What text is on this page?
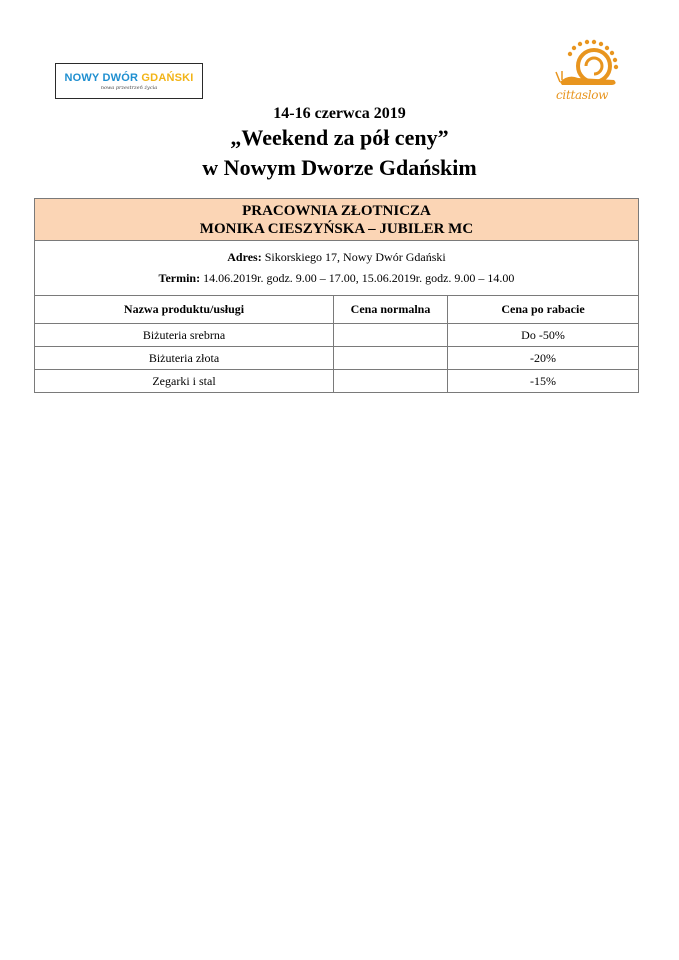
NOWY DWÓR GDAŃSKI
nowa przestrzeń życia	cittaslow
14-16 czerwca 2019
„Weekend za pół ceny”
w Nowym Dworze Gdańskim
PRACOWNIA ZŁOTNICZA
MONIKA CIESZYŃSKA – JUBILER MC
Adres: Sikorskiego 17, Nowy Dwór Gdański
Termin: 14.06.2019r. godz. 9.00 – 17.00, 15.06.2019r. godz. 9.00 – 14.00
Nazwa produktu/usługi	Cena normalna	Cena po rabacie
Biżuteria srebrna		Do -50%
Biżuteria złota		-20%
Zegarki i stal		-15%
